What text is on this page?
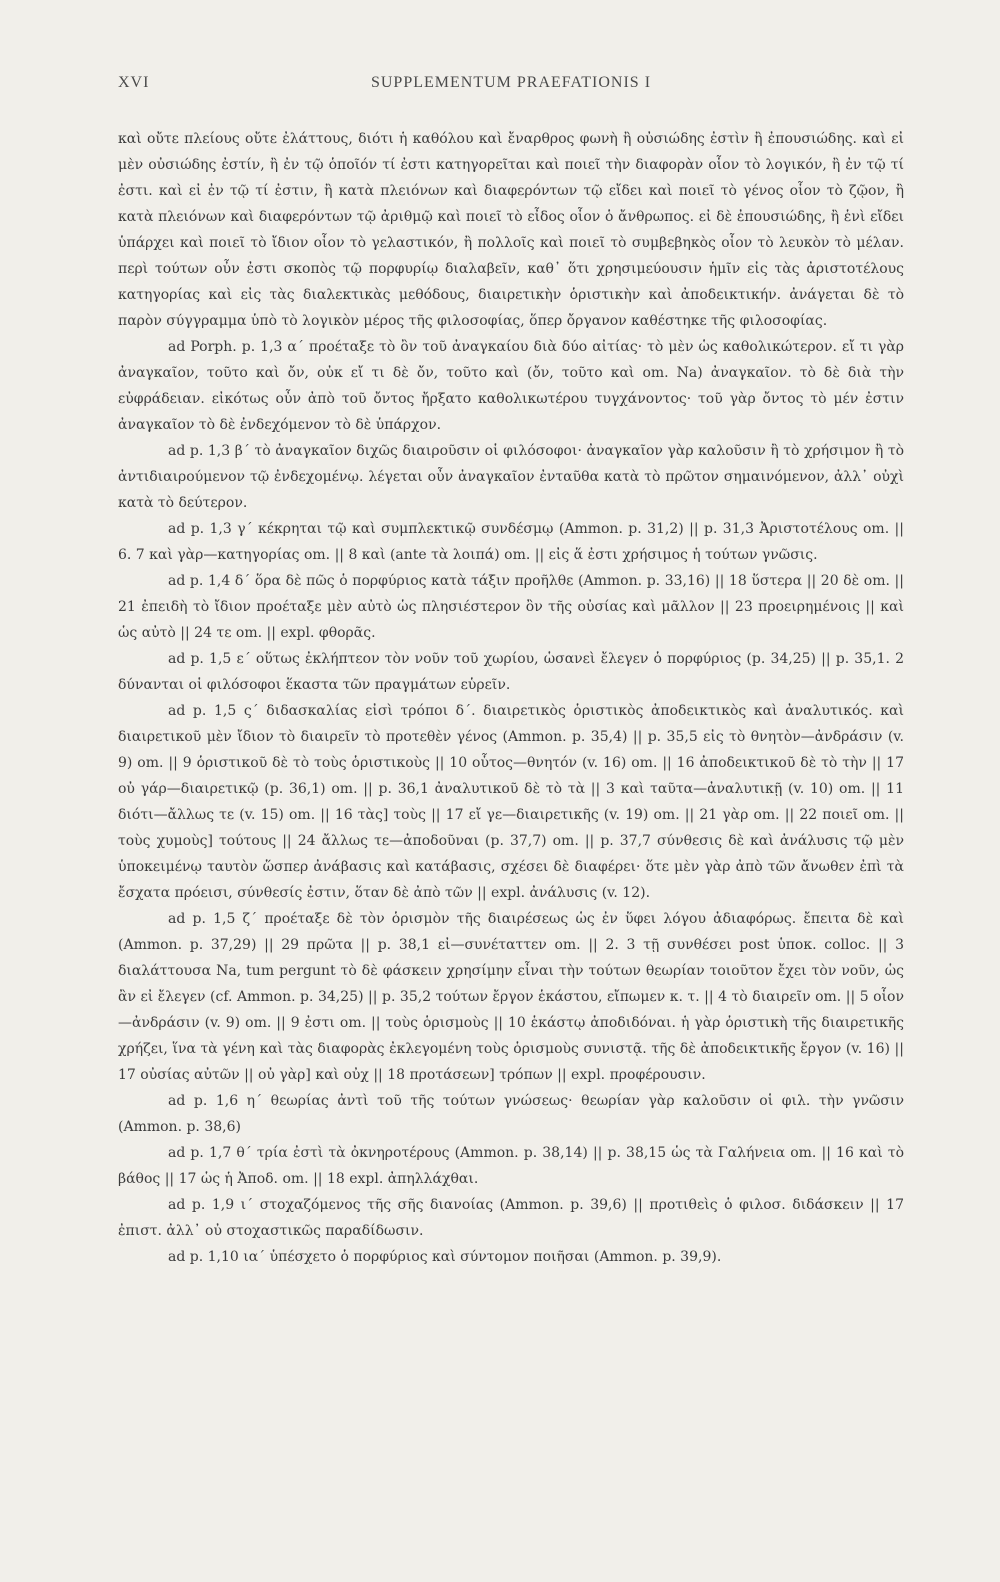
XVI	SUPPLEMENTUM PRAEFATIONIS I

καὶ οὔτε πλείους οὔτε ἐλάττους, διότι ἡ καθόλου καὶ ἔναρθρος φωνὴ ἢ οὐσιώδης ἐστὶν ἢ ἐπουσιώδης. καὶ εἰ μὲν οὐσιώδης ἐστίν, ἢ ἐν τῷ ὁποῖόν τί ἐστι κατηγορεῖται καὶ ποιεῖ τὴν διαφορὰν οἷον τὸ λογικόν, ἢ ἐν τῷ τί ἐστι. καὶ εἰ ἐν τῷ τί ἐστιν, ἢ κατὰ πλειόνων καὶ διαφερόντων τῷ εἴδει καὶ ποιεῖ τὸ γένος οἷον τὸ ζῷον, ἢ κατὰ πλειόνων καὶ διαφερόντων τῷ ἀριθμῷ καὶ ποιεῖ τὸ εἶδος οἷον ὁ ἄνθρωπος. εἰ δὲ ἐπουσιώδης, ἢ ἑνὶ εἴδει ὑπάρχει καὶ ποιεῖ τὸ ἴδιον οἷον τὸ γελαστικόν, ἢ πολλοῖς καὶ ποιεῖ τὸ συμβεβηκὸς οἷον τὸ λευκὸν τὸ μέλαν. περὶ τούτων οὖν ἐστι σκοπὸς τῷ πορφυρίῳ διαλαβεῖν, καθ᾽ ὅτι χρησιμεύουσιν ἡμῖν εἰς τὰς ἀριστοτέλους κατηγορίας καὶ εἰς τὰς διαλεκτικὰς μεθόδους, διαιρετικὴν ὁριστικὴν καὶ ἀποδεικτικήν. ἀνάγεται δὲ τὸ παρὸν σύγγραμμα ὑπὸ τὸ λογικὸν μέρος τῆς φιλοσοφίας, ὅπερ ὄργανον καθέστηκε τῆς φιλοσοφίας.

ad Porph. p. 1,3 α΄ προέταξε τὸ ὂν τοῦ ἀναγκαίου διὰ δύο αἰτίας· τὸ μὲν ὡς καθολικώτερον. εἴ τι γὰρ ἀναγκαῖον, τοῦτο καὶ ὄν, οὐκ εἴ τι δὲ ὄν, τοῦτο καὶ (ὄν, τοῦτο καὶ om. Na) ἀναγκαῖον. τὸ δὲ διὰ τὴν εὐφράδειαν. εἰκότως οὖν ἀπὸ τοῦ ὄντος ἤρξατο καθολικωτέρου τυγχάνοντος· τοῦ γὰρ ὄντος τὸ μέν ἐστιν ἀναγκαῖον τὸ δὲ ἐνδεχόμενον τὸ δὲ ὑπάρχον.

ad p. 1,3 β΄ τὸ ἀναγκαῖον διχῶς διαιροῦσιν οἱ φιλόσοφοι· ἀναγκαῖον γὰρ καλοῦσιν ἢ τὸ χρήσιμον ἢ τὸ ἀντιδιαιρούμενον τῷ ἐνδεχομένῳ. λέγεται οὖν ἀναγκαῖον ἐνταῦθα κατὰ τὸ πρῶτον σημαινόμενον, ἀλλ᾽ οὐχὶ κατὰ τὸ δεύτερον.

ad p. 1,3 γ΄ κέκρηται τῷ καὶ συμπλεκτικῷ συνδέσμῳ (Ammon. p. 31,2) || p. 31,3 Ἀριστοτέλους om. || 6. 7 καὶ γὰρ—κατηγορίας om. || 8 καὶ (ante τὰ λοιπά) om. || εἰς ἅ ἐστι χρήσιμος ἡ τούτων γνῶσις.

ad p. 1,4 δ΄ ὅρα δὲ πῶς ὁ πορφύριος κατὰ τάξιν προῆλθε (Ammon. p. 33,16) || 18 ὕστερα || 20 δὲ om. || 21 ἐπειδὴ τὸ ἴδιον προέταξε μὲν αὐτὸ ὡς πλησιέστερον ὂν τῆς οὐσίας καὶ μᾶλλον || 23 προειρημένοις || καὶ ὡς αὐτὸ || 24 τε om. || expl. φθορᾶς.

ad p. 1,5 ε΄ οὕτως ἐκλήπτεον τὸν νοῦν τοῦ χωρίου, ὡσανεὶ ἔλεγεν ὁ πορφύριος (p. 34,25) || p. 35,1. 2 δύνανται οἱ φιλόσοφοι ἕκαστα τῶν πραγμάτων εὑρεῖν.

ad p. 1,5 ς΄ διδασκαλίας εἰσὶ τρόποι δ΄. διαιρετικὸς ὁριστικὸς ἀποδεικτικὸς καὶ ἀναλυτικός. καὶ διαιρετικοῦ μὲν ἴδιον τὸ διαιρεῖν τὸ προτεθὲν γένος (Ammon. p. 35,4) || p. 35,5 εἰς τὸ θνητὸν—ἀνδράσιν (v. 9) om. || 9 ὁριστικοῦ δὲ τὸ τοὺς ὁριστικοὺς || 10 οὗτος—θνητόν (v. 16) om. || 16 ἀποδεικτικοῦ δὲ τὸ τὴν || 17 οὐ γάρ—διαιρετικῷ (p. 36,1) om. || p. 36,1 ἀναλυτικοῦ δὲ τὸ τὰ || 3 καὶ ταῦτα—ἀναλυτικῇ (v. 10) om. || 11 διότι—ἄλλως τε (v. 15) om. || 16 τὰς] τοὺς || 17 εἴ γε—διαιρετικῆς (v. 19) om. || 21 γὰρ om. || 22 ποιεῖ om. || τοὺς χυμοὺς] τούτους || 24 ἄλλως τε—ἀποδοῦναι (p. 37,7) om. || p. 37,7 σύνθεσις δὲ καὶ ἀνάλυσις τῷ μὲν ὑποκειμένῳ ταυτὸν ὥσπερ ἀνάβασις καὶ κατάβασις, σχέσει δὲ διαφέρει· ὅτε μὲν γὰρ ἀπὸ τῶν ἄνωθεν ἐπὶ τὰ ἔσχατα πρόεισι, σύνθεσίς ἐστιν, ὅταν δὲ ἀπὸ τῶν || expl. ἀνάλυσις (v. 12).

ad p. 1,5 ζ΄ προέταξε δὲ τὸν ὁρισμὸν τῆς διαιρέσεως ὡς ἐν ὕφει λόγου ἀδιαφόρως. ἔπειτα δὲ καὶ (Ammon. p. 37,29) || 29 πρῶτα || p. 38,1 εἰ—συνέταττεν om. || 2. 3 τῇ συνθέσει post ὑποκ. colloc. || 3 διαλάττουσα Na, tum pergunt τὸ δὲ φάσκειν χρησίμην εἶναι τὴν τούτων θεωρίαν τοιοῦτον ἔχει τὸν νοῦν, ὡς ἂν εἰ ἔλεγεν (cf. Ammon. p. 34,25) || p. 35,2 τούτων ἔργον ἑκάστου, εἴπωμεν κ. τ. || 4 τὸ διαιρεῖν om. || 5 οἷον—ἀνδράσιν (v. 9) om. || 9 ἐστι om. || τοὺς ὁρισμοὺς || 10 ἑκάστῳ ἀποδιδόναι. ἡ γὰρ ὁριστικὴ τῆς διαιρετικῆς χρήζει, ἵνα τὰ γένη καὶ τὰς διαφορὰς ἐκλεγομένη τοὺς ὁρισμοὺς συνιστᾷ. τῆς δὲ ἀποδεικτικῆς ἔργον (v. 16) || 17 οὐσίας αὐτῶν || οὐ γὰρ] καὶ οὐχ || 18 προτάσεων] τρόπων || expl. προφέρουσιν.

ad p. 1,6 η΄ θεωρίας ἀντὶ τοῦ τῆς τούτων γνώσεως· θεωρίαν γὰρ καλοῦσιν οἱ φιλ. τὴν γνῶσιν (Ammon. p. 38,6)

ad p. 1,7 θ΄ τρία ἐστὶ τὰ ὀκνηροτέρους (Ammon. p. 38,14) || p. 38,15 ὡς τὰ Γαλήνεια om. || 16 καὶ τὸ βάθος || 17 ὡς ἡ Ἀποδ. om. || 18 expl. ἀπηλλάχθαι.

ad p. 1,9 ι΄ στοχαζόμενος τῆς σῆς διανοίας (Ammon. p. 39,6) || προτιθεὶς ὁ φιλοσ. διδάσκειν || 17 ἐπιστ. ἀλλ᾽ οὐ στοχαστικῶς παραδίδωσιν.

ad p. 1,10 ια΄ ὑπέσχετο ὁ πορφύριος καὶ σύντομον ποιῆσαι (Ammon. p. 39,9).
